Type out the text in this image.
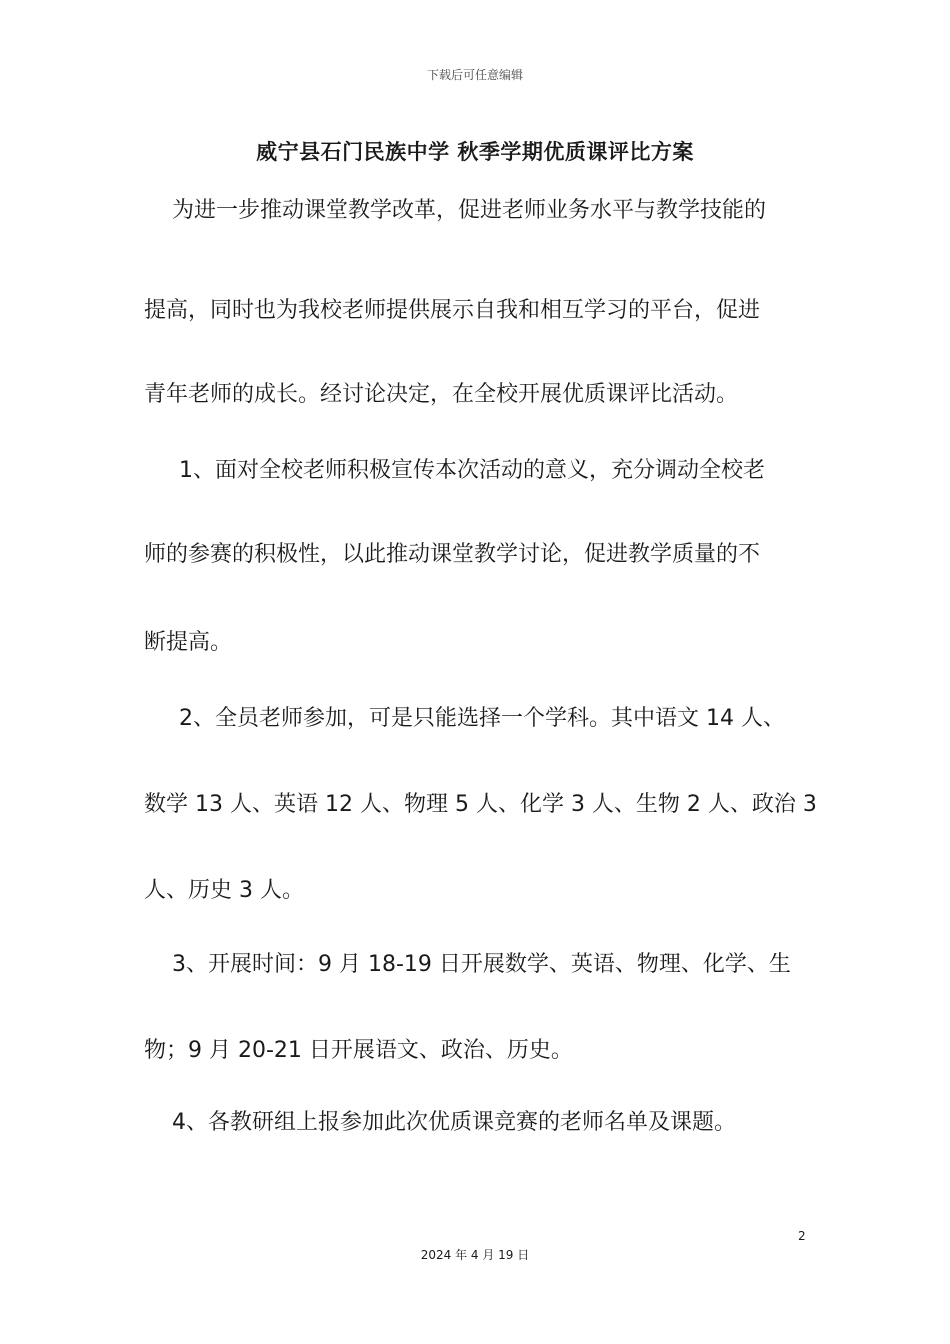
下载后可任意编辑
威宁县石门民族中学 秋季学期优质课评比方案
为进一步推动课堂教学改革，促进老师业务水平与教学技能的
提高，同时也为我校老师提供展示自我和相互学习的平台，促进
青年老师的成长。经讨论决定，在全校开展优质课评比活动。
1、面对全校老师积极宣传本次活动的意义，充分调动全校老
师的参赛的积极性，以此推动课堂教学讨论，促进教学质量的不
断提高。
2、全员老师参加，可是只能选择一个学科。其中语文 14 人、
数学 13 人、英语 12 人、物理 5 人、化学 3 人、生物 2 人、政治 3
人、历史 3 人。
3、开展时间：9 月 18-19 日开展数学、英语、物理、化学、生
物；9 月 20-21 日开展语文、政治、历史。
4、各教研组上报参加此次优质课竞赛的老师名单及课题。
2
2024 年 4 月 19 日
